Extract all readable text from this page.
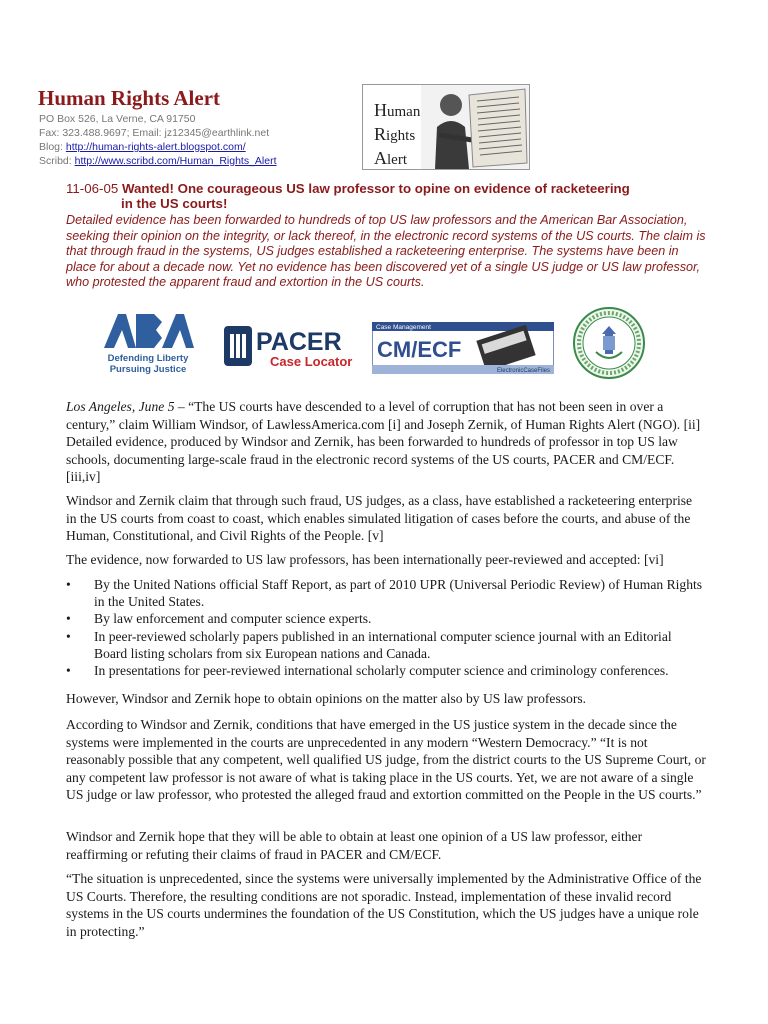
Human Rights Alert
PO Box 526, La Verne, CA 91750
Fax: 323.488.9697; Email: jz12345@earthlink.net
Blog: http://human-rights-alert.blogspot.com/
Scribd: http://www.scribd.com/Human_Rights_Alert
Human
Rights
Alert
11-06-05 Wanted! One courageous US law professor to opine on evidence of racketeering
in the US courts!

Detailed evidence has been forwarded to hundreds of top US law professors and the American Bar Association, seeking their opinion on the integrity, or lack thereof, in the electronic record systems of the US courts. The claim is that through fraud in the systems, US judges established a racketeering enterprise. The systems have been in place for about a decade now. Yet no evidence has been discovered yet of a single US judge or US law professor, who protested the apparent fraud and extortion in the US courts.

Defending Liberty
Pursuing Justice
PACER
Case Locator
Case Management
CM/ECF
ElectronicCaseFiles

Los Angeles, June 5 – “The US courts have descended to a level of corruption that has not been seen in over a century,” claim William Windsor, of LawlessAmerica.com [i] and Joseph Zernik, of Human Rights Alert (NGO). [ii] Detailed evidence, produced by Windsor and Zernik, has been forwarded to hundreds of professor in top US law schools, documenting large-scale fraud in the electronic record systems of the US courts, PACER and CM/ECF. [iii,iv]

Windsor and Zernik claim that through such fraud, US judges, as a class, have established a racketeering enterprise in the US courts from coast to coast, which enables simulated litigation of cases before the courts, and abuse of the Human, Constitutional, and Civil Rights of the People. [v]

The evidence, now forwarded to US law professors, has been internationally peer-reviewed and accepted: [vi]

• By the United Nations official Staff Report, as part of 2010 UPR (Universal Periodic Review) of Human Rights in the United States.
• By law enforcement and computer science experts.
• In peer-reviewed scholarly papers published in an international computer science journal with an Editorial Board listing scholars from six European nations and Canada.
• In presentations for peer-reviewed international scholarly computer science and criminology conferences.

However, Windsor and Zernik hope to obtain opinions on the matter also by US law professors.

According to Windsor and Zernik, conditions that have emerged in the US justice system in the decade since the systems were implemented in the courts are unprecedented in any modern “Western Democracy.” “It is not reasonably possible that any competent, well qualified US judge, from the district courts to the US Supreme Court, or any competent law professor is not aware of what is taking place in the US courts. Yet, we are not aware of a single US judge or law professor, who protested the alleged fraud and extortion committed on the People in the US courts.”

Windsor and Zernik hope that they will be able to obtain at least one opinion of a US law professor, either reaffirming or refuting their claims of fraud in PACER and CM/ECF.

“The situation is unprecedented, since the systems were universally implemented by the Administrative Office of the US Courts. Therefore, the resulting conditions are not sporadic. Instead, implementation of these invalid record systems in the US courts undermines the foundation of the US Constitution, which the US judges have a unique role in protecting.”
